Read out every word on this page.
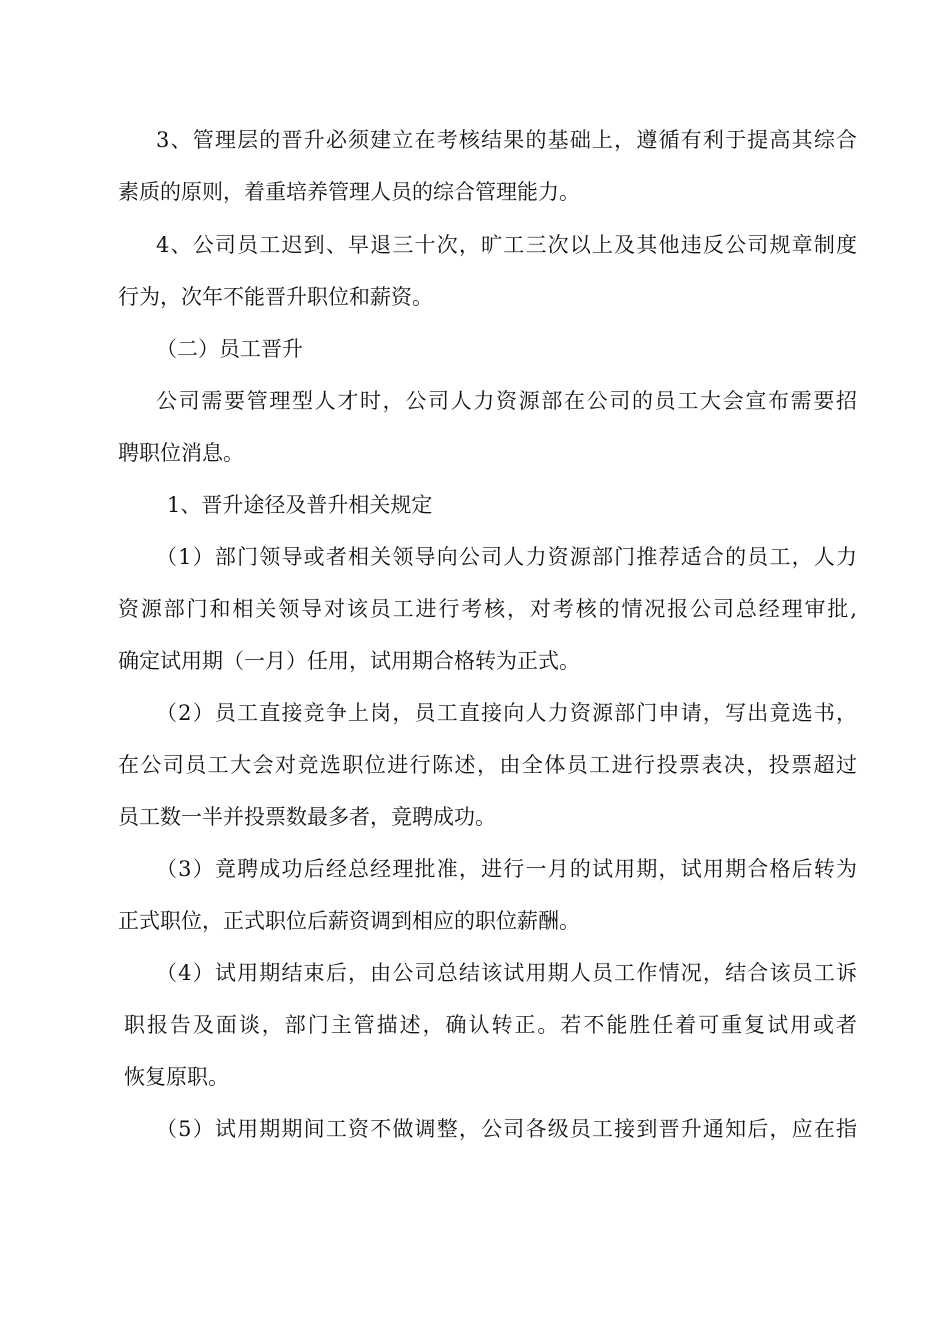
3、管理层的晋升必须建立在考核结果的基础上，遵循有利于提高其综合
素质的原则，着重培养管理人员的综合管理能力。
4、公司员工迟到、早退三十次，旷工三次以上及其他违反公司规章制度
行为，次年不能晋升职位和薪资。
（二）员工晋升
公司需要管理型人才时，公司人力资源部在公司的员工大会宣布需要招
聘职位消息。
1、晋升途径及普升相关规定
（1）部门领导或者相关领导向公司人力资源部门推荐适合的员工，人力
资源部门和相关领导对该员工进行考核，对考核的情况报公司总经理审批,
确定试用期（一月）任用，试用期合格转为正式。
（2）员工直接竞争上岗，员工直接向人力资源部门申请，写出竟选书，
在公司员工大会对竞选职位进行陈述，由全体员工进行投票表决，投票超过
员工数一半并投票数最多者，竟聘成功。
（3）竟聘成功后经总经理批准，进行一月的试用期，试用期合格后转为
正式职位，正式职位后薪资调到相应的职位薪酬。
（4）试用期结束后，由公司总结该试用期人员工作情况，结合该员工诉
职报告及面谈，部门主管描述，确认转正。若不能胜任着可重复试用或者
恢复原职。
（5）试用期期间工资不做调整，公司各级员工接到晋升通知后，应在指
